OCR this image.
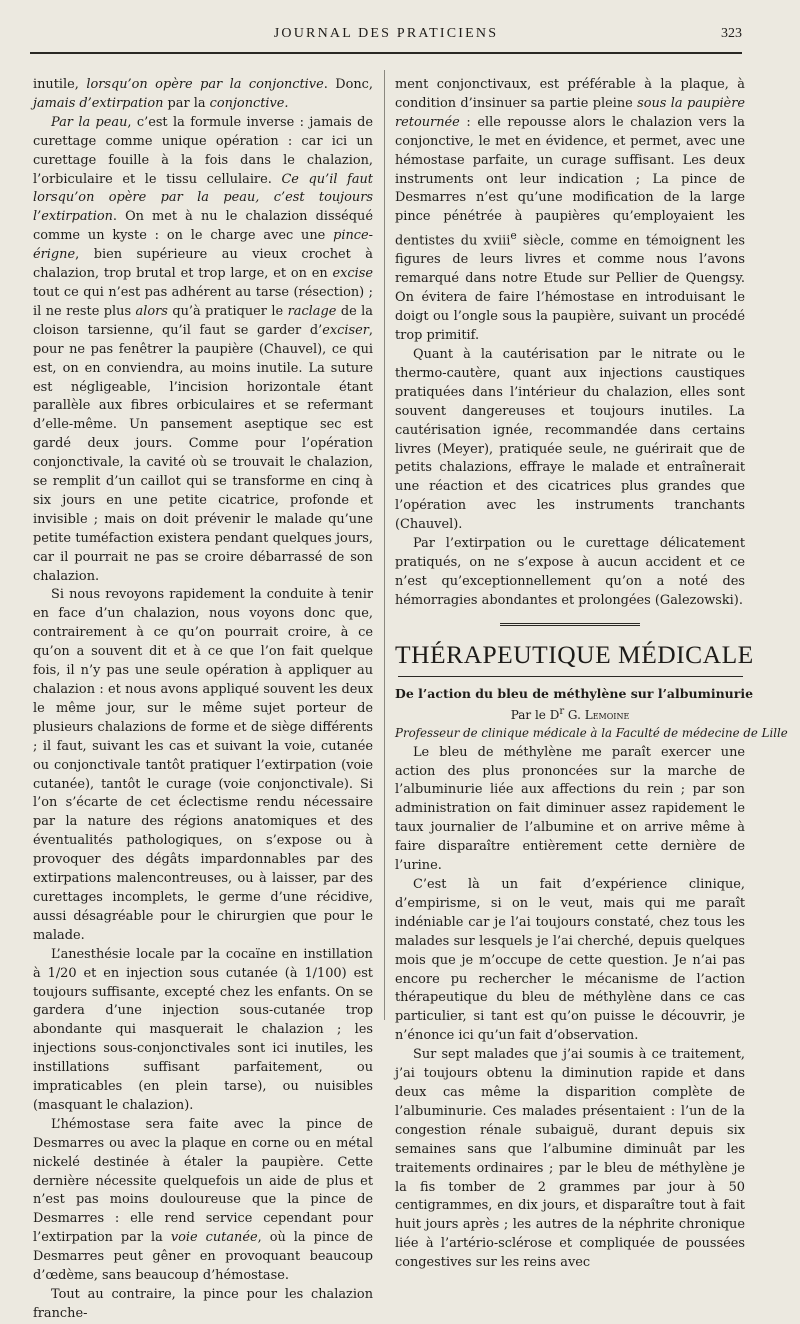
JOURNAL DES PRATICIENS	323

inutile, lorsqu’on opère par la conjonctive. Donc, jamais d’extirpation par la conjonctive.

Par la peau, c’est la formule inverse : jamais de curettage comme unique opération : car ici un curettage fouille à la fois dans le chalazion, l’orbiculaire et le tissu cellulaire. Ce qu’il faut lorsqu’on opère par la peau, c’est toujours l’extirpation. On met à nu le chalazion disséqué comme un kyste : on le charge avec une pince-érigne, bien supérieure au vieux crochet à chalazion, trop brutal et trop large, et on en excise tout ce qui n’est pas adhérent au tarse (résection) ; il ne reste plus alors qu’à pratiquer le raclage de la cloison tarsienne, qu’il faut se garder d’exciser, pour ne pas fenêtrer la paupière (Chauvel), ce qui est, on en conviendra, au moins inutile. La suture est négligeable, l’incision horizontale étant parallèle aux fibres orbiculaires et se refermant d’elle-même. Un pansement aseptique sec est gardé deux jours. Comme pour l’opération conjonctivale, la cavité où se trouvait le chalazion, se remplit d’un caillot qui se transforme en cinq à six jours en une petite cicatrice, profonde et invisible ; mais on doit prévenir le malade qu’une petite tuméfaction existera pendant quelques jours, car il pourrait ne pas se croire débarrassé de son chalazion.

Si nous revoyons rapidement la conduite à tenir en face d’un chalazion, nous voyons donc que, contrairement à ce qu’on pourrait croire, à ce qu’on a souvent dit et à ce que l’on fait quelque fois, il n’y pas une seule opération à appliquer au chalazion : et nous avons appliqué souvent les deux le même jour, sur le même sujet porteur de plusieurs chalazions de forme et de siège différents ; il faut, suivant les cas et suivant la voie, cutanée ou conjonctivale tantôt pratiquer l’extirpation (voie cutanée), tantôt le curage (voie conjonctivale). Si l’on s’écarte de cet éclectisme rendu nécessaire par la nature des régions anatomiques et des éventualités pathologiques, on s’expose ou à provoquer des dégâts impardonnables par des extirpations malencontreuses, ou à laisser, par des curettages incomplets, le germe d’une récidive, aussi désagréable pour le chirurgien que pour le malade.

L’anesthésie locale par la cocaïne en instillation à 1/20 et en injection sous cutanée (à 1/100) est toujours suffisante, excepté chez les enfants. On se gardera d’une injection sous-cutanée trop abondante qui masquerait le chalazion ; les injections sous-conjonctivales sont ici inutiles, les instillations suffisant parfaitement, ou impraticables (en plein tarse), ou nuisibles (masquant le chalazion).

L’hémostase sera faite avec la pince de Desmarres ou avec la plaque en corne ou en métal nickelé destinée à étaler la paupière. Cette dernière nécessite quelquefois un aide de plus et n’est pas moins douloureuse que la pince de Desmarres : elle rend service cependant pour l’extirpation par la voie cutanée, où la pince de Desmarres peut gêner en provoquant beaucoup d’œdème, sans beaucoup d’hémostase.

Tout au contraire, la pince pour les chalazion franche-

ment conjonctivaux, est préférable à la plaque, à condition d’insinuer sa partie pleine sous la paupière retournée : elle repousse alors le chalazion vers la conjonctive, le met en évidence, et permet, avec une hémostase parfaite, un curage suffisant. Les deux instruments ont leur indication ; La pince de Desmarres n’est qu’une modification de la large pince pénétrée à paupières qu’employaient les dentistes du xviii$^e$ siècle, comme en témoignent les figures de leurs livres et comme nous l’avons remarqué dans notre Etude sur Pellier de Quengsy. On évitera de faire l’hémostase en introduisant le doigt ou l’ongle sous la paupière, suivant un procédé trop primitif.

Quant à la cautérisation par le nitrate ou le thermo-cautère, quant aux injections caustiques pratiquées dans l’intérieur du chalazion, elles sont souvent dangereuses et toujours inutiles. La cautérisation ignée, recommandée dans certains livres (Meyer), pratiquée seule, ne guérirait que de petits chalazions, effraye le malade et entraînerait une réaction et des cicatrices plus grandes que l’opération avec les instruments tranchants (Chauvel).

Par l’extirpation ou le curettage délicatement pratiqués, on ne s’expose à aucun accident et ce n’est qu’exceptionnellement qu’on a noté des hémorragies abondantes et prolongées (Galezowski).

THÉRAPEUTIQUE MÉDICALE
De l’action du bleu de méthylène sur l’albuminurie
Par le $D^r$ G. Lemoine
Professeur de clinique médicale à la Faculté de médecine de Lille

Le bleu de méthylène me paraît exercer une action des plus prononcées sur la marche de l’albuminurie liée aux affections du rein ; par son administration on fait diminuer assez rapidement le taux journalier de l’albumine et on arrive même à faire disparaître entièrement cette dernière de l’urine.

C’est là un fait d’expérience clinique, d’empirisme, si on le veut, mais qui me paraît indéniable car je l’ai toujours constaté, chez tous les malades sur lesquels je l’ai cherché, depuis quelques mois que je m’occupe de cette question. Je n’ai pas encore pu rechercher le mécanisme de l’action thérapeutique du bleu de méthylène dans ce cas particulier, si tant est qu’on puisse le découvrir, je n’énonce ici qu’un fait d’observation.

Sur sept malades que j’ai soumis à ce traitement, j’ai toujours obtenu la diminution rapide et dans deux cas même la disparition complète de l’albuminurie. Ces malades présentaient : l’un de la congestion rénale subaiguë, durant depuis six semaines sans que l’albumine diminuât par les traitements ordinaires ; par le bleu de méthylène je la fis tomber de 2 grammes par jour à 50 centigrammes, en dix jours, et disparaître tout à fait huit jours après ; les autres de la néphrite chronique liée à l’artério-sclérose et compliquée de poussées congestives sur les reins avec
